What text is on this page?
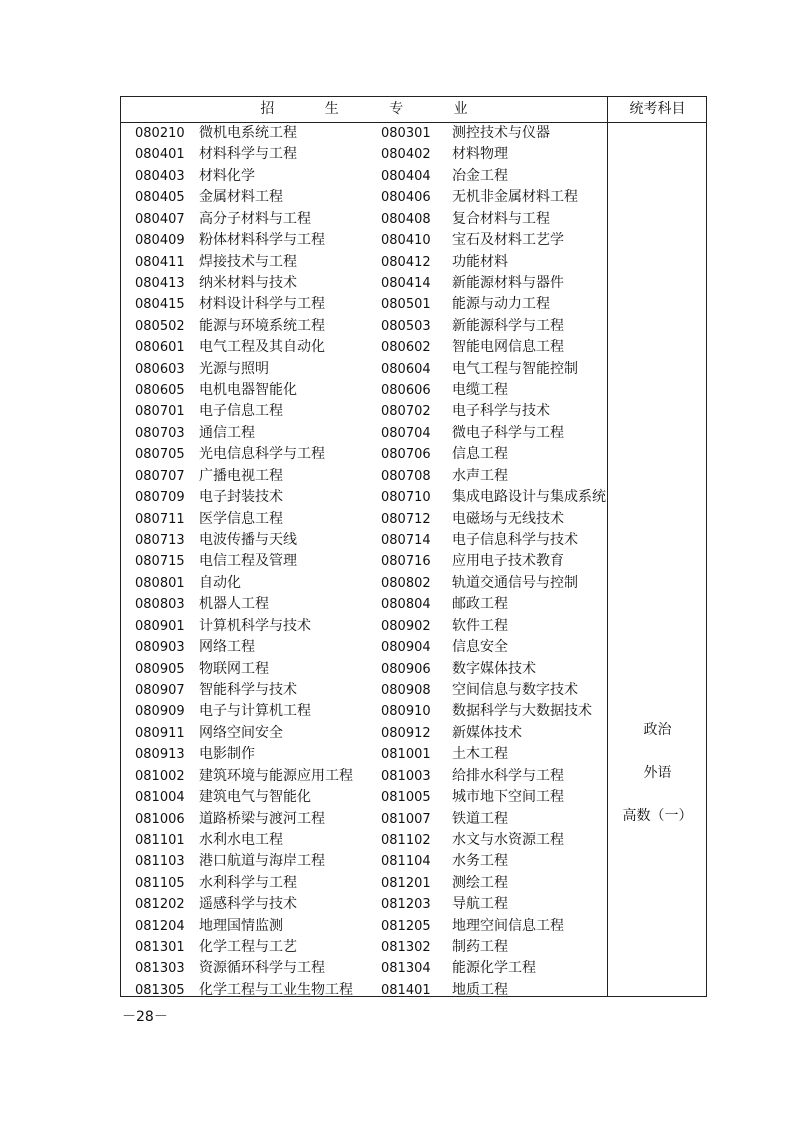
招	生	专	业	统考科目
080210 微机电系统工程	080301 测控技术与仪器
080401 材料科学与工程	080402 材料物理
080403 材料化学	080404 冶金工程
080405 金属材料工程	080406 无机非金属材料工程
080407 高分子材料与工程	080408 复合材料与工程
080409 粉体材料科学与工程	080410 宝石及材料工艺学
080411 焊接技术与工程	080412 功能材料
080413 纳米材料与技术	080414 新能源材料与器件
080415 材料设计科学与工程	080501 能源与动力工程
080502 能源与环境系统工程	080503 新能源科学与工程
080601 电气工程及其自动化	080602 智能电网信息工程
080603 光源与照明	080604 电气工程与智能控制
080605 电机电器智能化	080606 电缆工程
080701 电子信息工程	080702 电子科学与技术
080703 通信工程	080704 微电子科学与工程
080705 光电信息科学与工程	080706 信息工程
080707 广播电视工程	080708 水声工程
080709 电子封装技术	080710 集成电路设计与集成系统
080711 医学信息工程	080712 电磁场与无线技术
080713 电波传播与天线	080714 电子信息科学与技术
080715 电信工程及管理	080716 应用电子技术教育
080801 自动化	080802 轨道交通信号与控制
080803 机器人工程	080804 邮政工程
080901 计算机科学与技术	080902 软件工程
080903 网络工程	080904 信息安全
080905 物联网工程	080906 数字媒体技术
080907 智能科学与技术	080908 空间信息与数字技术
080909 电子与计算机工程	080910 数据科学与大数据技术
080911 网络空间安全	080912 新媒体技术
080913 电影制作	081001 土木工程
081002 建筑环境与能源应用工程 081003 给排水科学与工程
081004 建筑电气与智能化	081005 城市地下空间工程
081006 道路桥梁与渡河工程	081007 铁道工程
081101 水利水电工程	081102 水文与水资源工程
081103 港口航道与海岸工程	081104 水务工程
081105 水利科学与工程	081201 测绘工程
081202 遥感科学与技术	081203 导航工程
081204 地理国情监测	081205 地理空间信息工程
081301 化学工程与工艺	081302 制药工程
081303 资源循环科学与工程	081304 能源化学工程
081305 化学工程与工业生物工程 081401 地质工程
政治
外语
高数（一）
－28－
